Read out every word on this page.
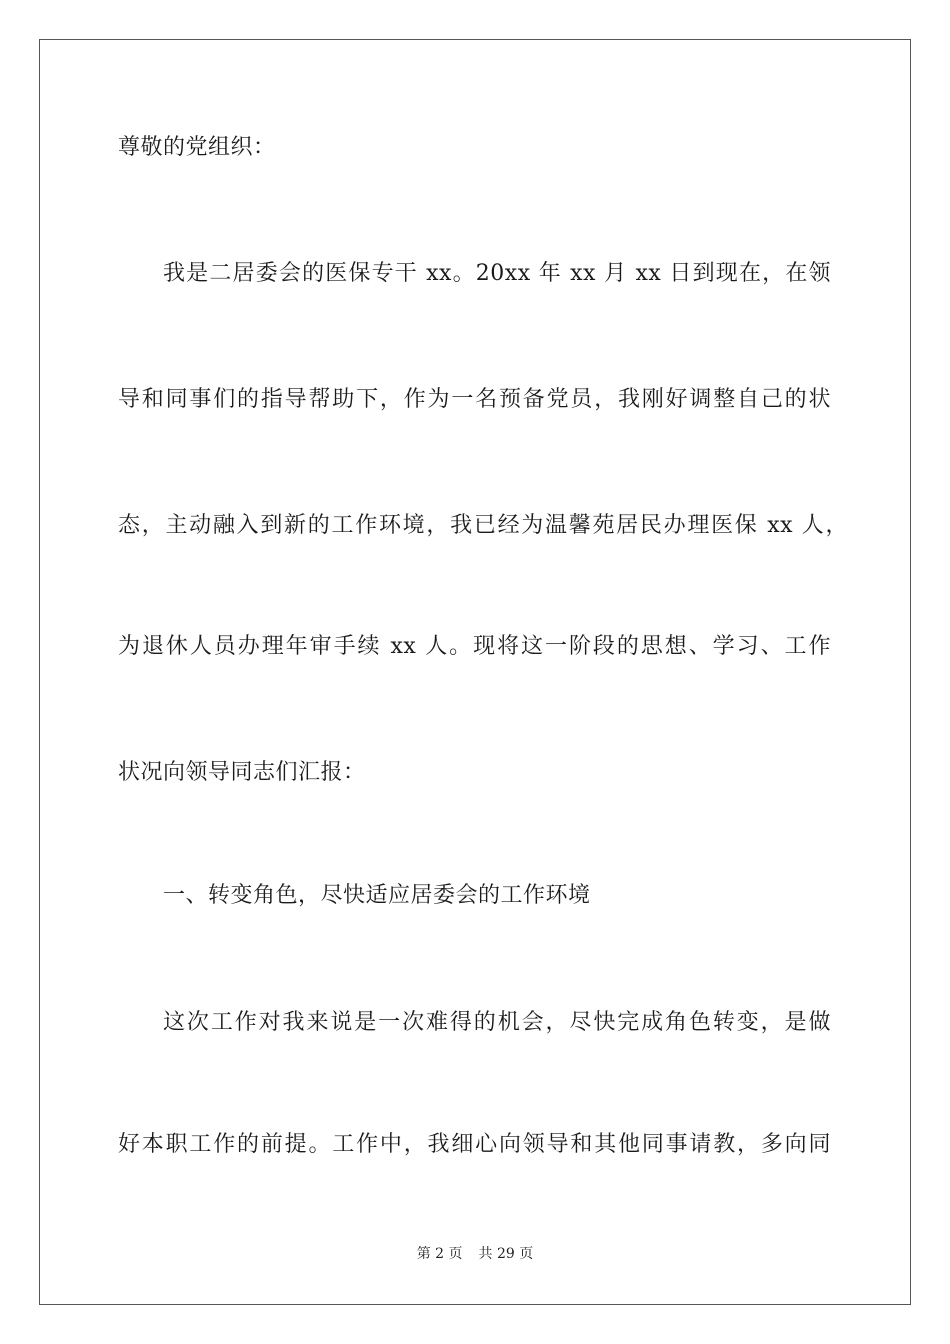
尊敬的党组织：
我是二居委会的医保专干 xx。20xx 年 xx 月 xx 日到现在，在领
导和同事们的指导帮助下，作为一名预备党员，我刚好调整自己的状
态，主动融入到新的工作环境，我已经为温馨苑居民办理医保 xx 人，
为退休人员办理年审手续 xx 人。现将这一阶段的思想、学习、工作
状况向领导同志们汇报：
一、转变角色，尽快适应居委会的工作环境
这次工作对我来说是一次难得的机会，尽快完成角色转变，是做
好本职工作的前提。工作中，我细心向领导和其他同事请教，多向同
第 2 页 共 29 页
